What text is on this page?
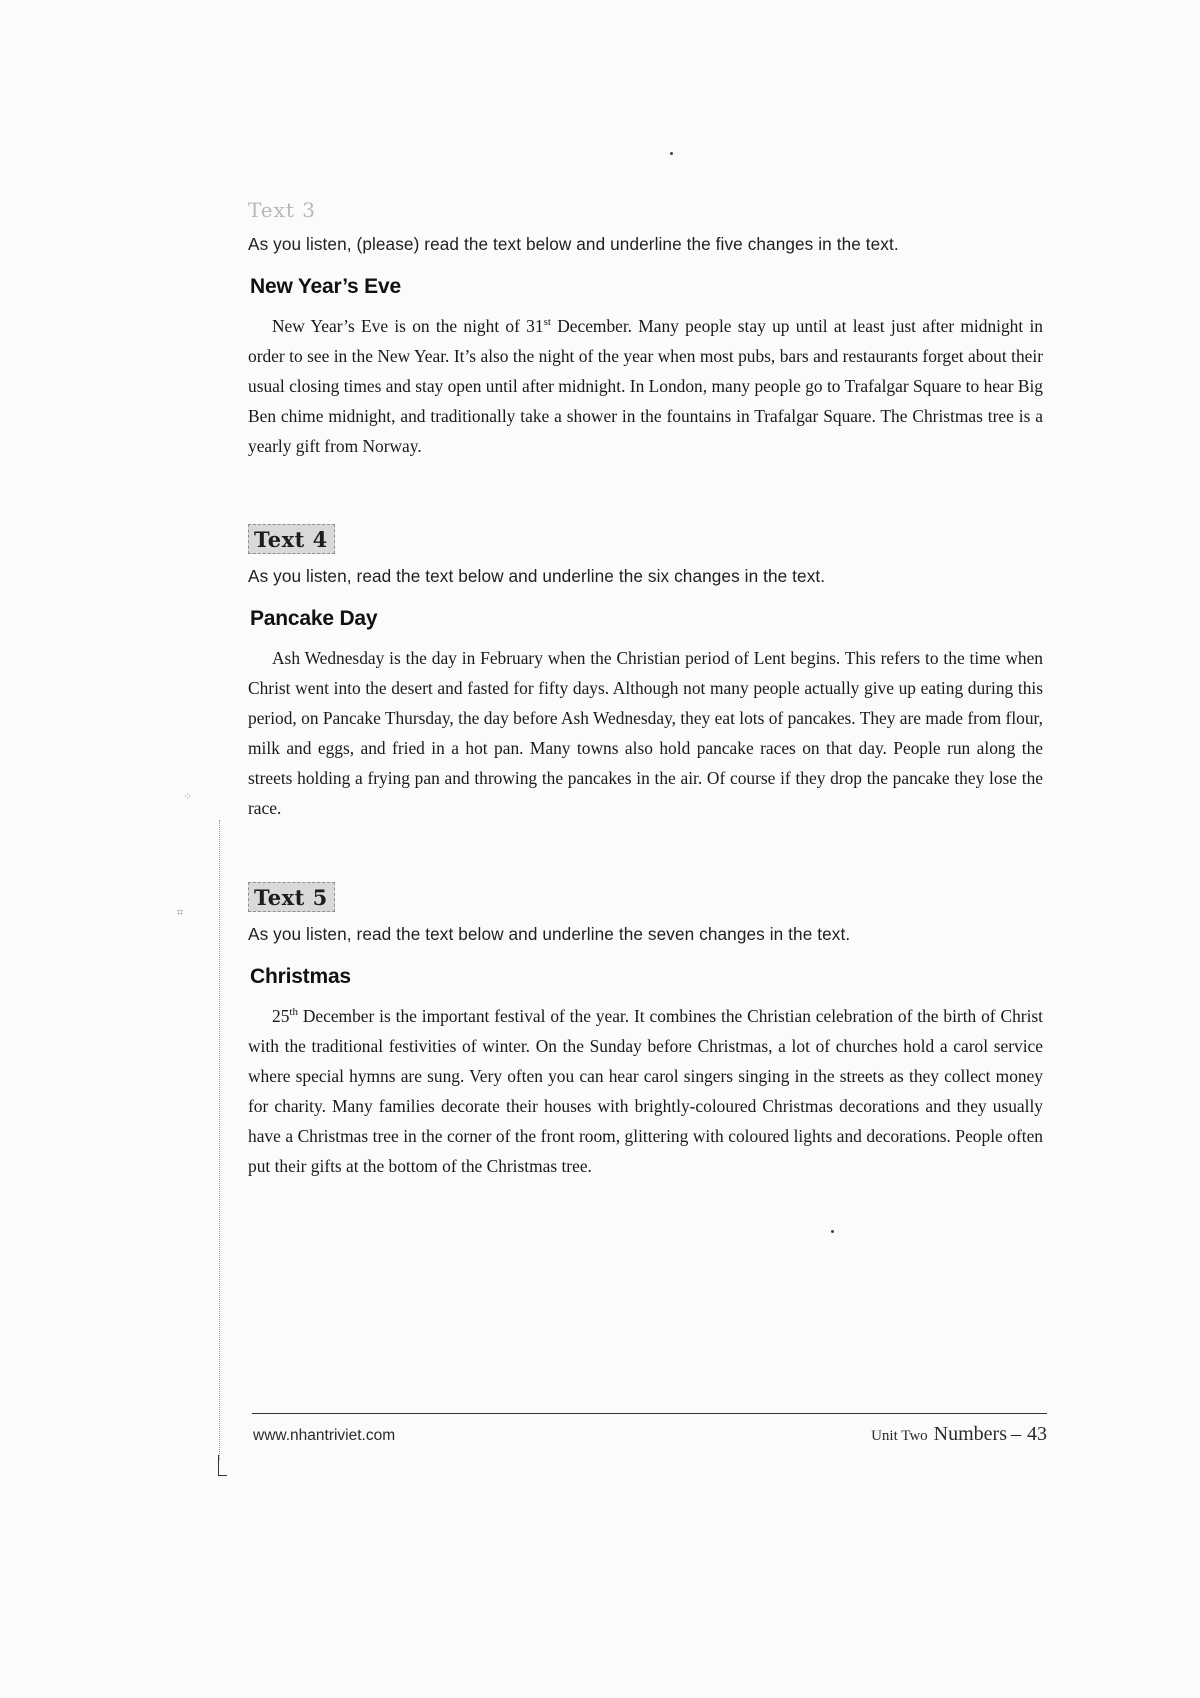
Text 3

As you listen, (please) read the text below and underline the five changes in the text.

New Year’s Eve

New Year’s Eve is on the night of 31st December. Many people stay up until at least just after midnight in order to see in the New Year. It’s also the night of the year when most pubs, bars and restaurants forget about their usual closing times and stay open until after midnight. In London, many people go to Trafalgar Square to hear Big Ben chime midnight, and traditionally take a shower in the fountains in Trafalgar Square. The Christmas tree is a yearly gift from Norway.

Text 4

As you listen, read the text below and underline the six changes in the text.

Pancake Day

Ash Wednesday is the day in February when the Christian period of Lent begins. This refers to the time when Christ went into the desert and fasted for fifty days. Although not many people actually give up eating during this period, on Pancake Thursday, the day before Ash Wednesday, they eat lots of pancakes. They are made from flour, milk and eggs, and fried in a hot pan. Many towns also hold pancake races on that day. People run along the streets holding a frying pan and throwing the pancakes in the air. Of course if they drop the pancake they lose the race.

Text 5

As you listen, read the text below and underline the seven changes in the text.

Christmas

25th December is the important festival of the year. It combines the Christian celebration of the birth of Christ with the traditional festivities of winter. On the Sunday before Christmas, a lot of churches hold a carol service where special hymns are sung. Very often you can hear carol singers singing in the streets as they collect money for charity. Many families decorate their houses with brightly-coloured Christmas decorations and they usually have a Christmas tree in the corner of the front room, glittering with coloured lights and decorations. People often put their gifts at the bottom of the Christmas tree.

⁘
⌗
www.nhantriviet.com	Unit Two Numbers – 43
